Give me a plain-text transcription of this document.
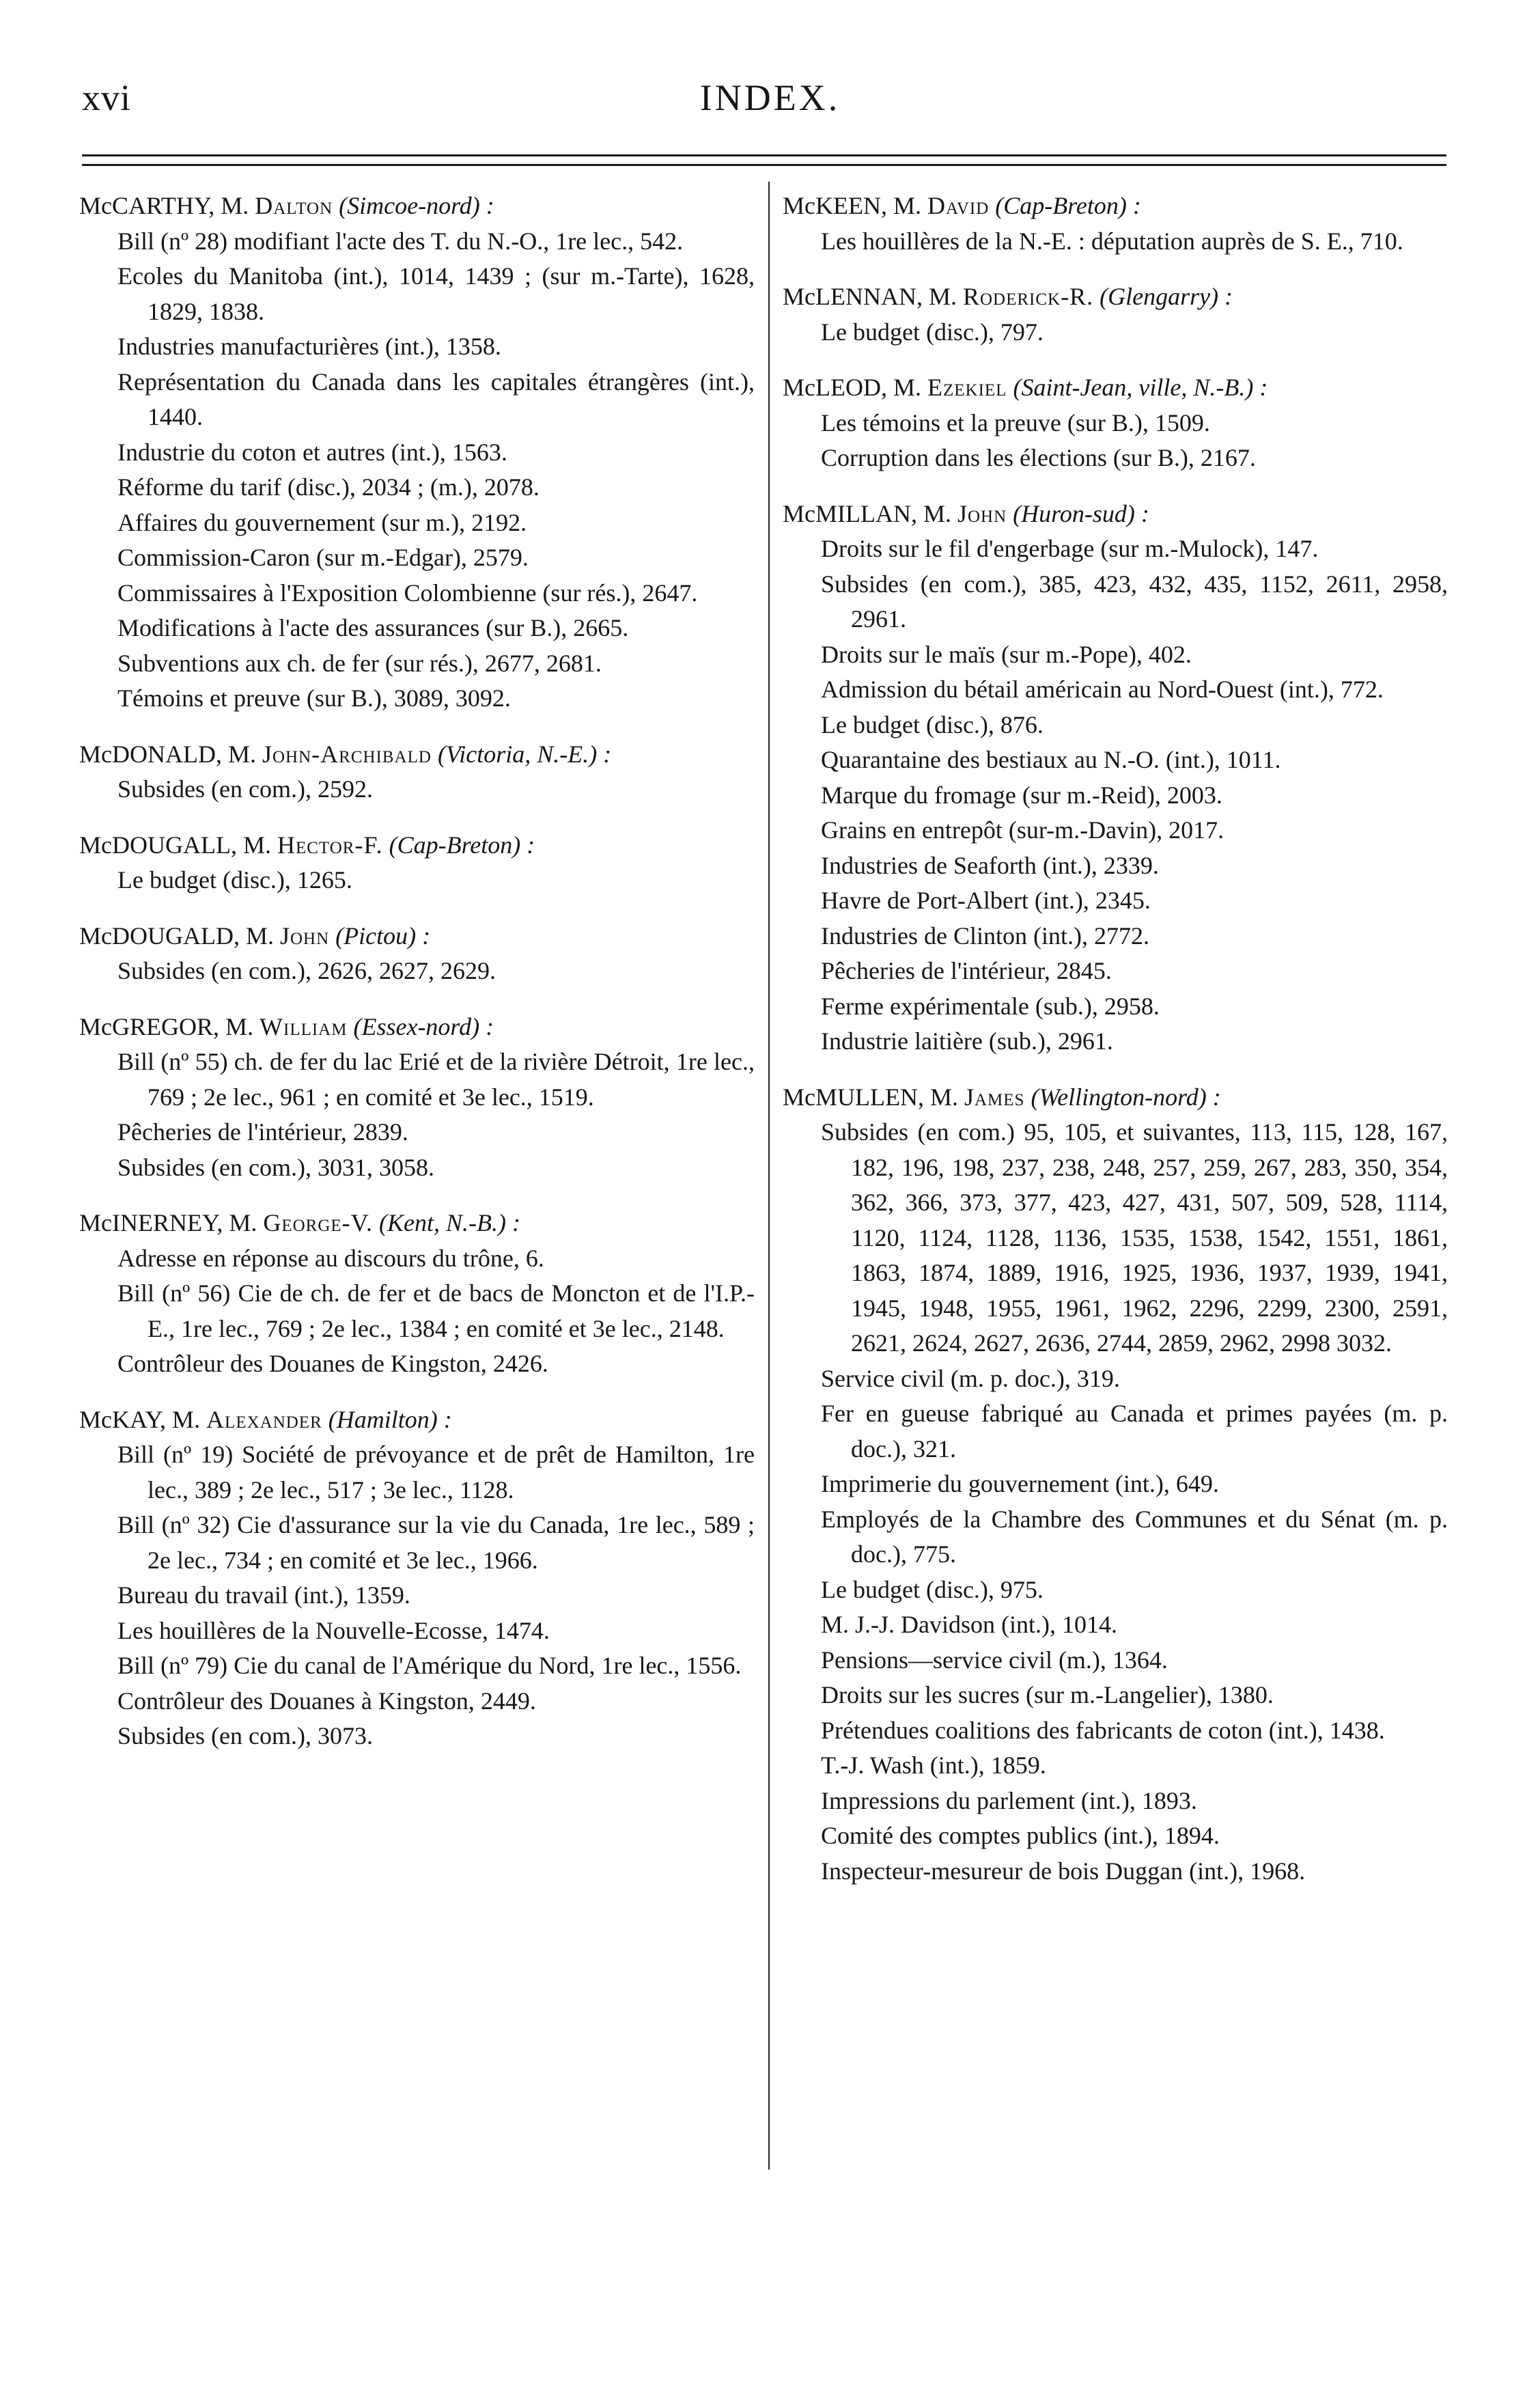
xvi	INDEX.
McCARTHY, M. Dalton (Simcoe-nord) :
Bill (nº 28) modifiant l'acte des T. du N.-O., 1re lec., 542.
Ecoles du Manitoba (int.), 1014, 1439 ; (sur m.-Tarte), 1628, 1829, 1838.
Industries manufacturières (int.), 1358.
Représentation du Canada dans les capitales étrangères (int.), 1440.
Industrie du coton et autres (int.), 1563.
Réforme du tarif (disc.), 2034 ; (m.), 2078.
Affaires du gouvernement (sur m.), 2192.
Commission-Caron (sur m.-Edgar), 2579.
Commissaires à l'Exposition Colombienne (sur rés.), 2647.
Modifications à l'acte des assurances (sur B.), 2665.
Subventions aux ch. de fer (sur rés.), 2677, 2681.
Témoins et preuve (sur B.), 3089, 3092.
McDONALD, M. John-Archibald (Victoria, N.-E.) :
Subsides (en com.), 2592.
McDOUGALL, M. Hector-F. (Cap-Breton) :
Le budget (disc.), 1265.
McDOUGALD, M. John (Pictou) :
Subsides (en com.), 2626, 2627, 2629.
McGREGOR, M. William (Essex-nord) :
Bill (nº 55) ch. de fer du lac Erié et de la rivière Détroit, 1re lec., 769 ; 2e lec., 961 ; en comité et 3e lec., 1519.
Pêcheries de l'intérieur, 2839.
Subsides (en com.), 3031, 3058.
McINERNEY, M. George-V. (Kent, N.-B.) :
Adresse en réponse au discours du trône, 6.
Bill (nº 56) Cie de ch. de fer et de bacs de Moncton et de l'I.P.-E., 1re lec., 769 ; 2e lec., 1384 ; en comité et 3e lec., 2148.
Contrôleur des Douanes de Kingston, 2426.
McKAY, M. Alexander (Hamilton) :
Bill (nº 19) Société de prévoyance et de prêt de Hamilton, 1re lec., 389 ; 2e lec., 517 ; 3e lec., 1128.
Bill (nº 32) Cie d'assurance sur la vie du Canada, 1re lec., 589 ; 2e lec., 734 ; en comité et 3e lec., 1966.
Bureau du travail (int.), 1359.
Les houillères de la Nouvelle-Ecosse, 1474.
Bill (nº 79) Cie du canal de l'Amérique du Nord, 1re lec., 1556.
Contrôleur des Douanes à Kingston, 2449.
Subsides (en com.), 3073.
McKEEN, M. David (Cap-Breton) :
Les houillères de la N.-E. : députation auprès de S. E., 710.
McLENNAN, M. Roderick-R. (Glengarry) :
Le budget (disc.), 797.
McLEOD, M. Ezekiel (Saint-Jean, ville, N.-B.) :
Les témoins et la preuve (sur B.), 1509.
Corruption dans les élections (sur B.), 2167.
McMILLAN, M. John (Huron-sud) :
Droits sur le fil d'engerbage (sur m.-Mulock), 147.
Subsides (en com.), 385, 423, 432, 435, 1152, 2611, 2958, 2961.
Droits sur le maïs (sur m.-Pope), 402.
Admission du bétail américain au Nord-Ouest (int.), 772.
Le budget (disc.), 876.
Quarantaine des bestiaux au N.-O. (int.), 1011.
Marque du fromage (sur m.-Reid), 2003.
Grains en entrepôt (sur-m.-Davin), 2017.
Industries de Seaforth (int.), 2339.
Havre de Port-Albert (int.), 2345.
Industries de Clinton (int.), 2772.
Pêcheries de l'intérieur, 2845.
Ferme expérimentale (sub.), 2958.
Industrie laitière (sub.), 2961.
McMULLEN, M. James (Wellington-nord) :
Subsides (en com.) 95, 105, et suivantes, 113, 115, 128, 167, 182, 196, 198, 237, 238, 248, 257, 259, 267, 283, 350, 354, 362, 366, 373, 377, 423, 427, 431, 507, 509, 528, 1114, 1120, 1124, 1128, 1136, 1535, 1538, 1542, 1551, 1861, 1863, 1874, 1889, 1916, 1925, 1936, 1937, 1939, 1941, 1945, 1948, 1955, 1961, 1962, 2296, 2299, 2300, 2591, 2621, 2624, 2627, 2636, 2744, 2859, 2962, 2998 3032.
Service civil (m. p. doc.), 319.
Fer en gueuse fabriqué au Canada et primes payées (m. p. doc.), 321.
Imprimerie du gouvernement (int.), 649.
Employés de la Chambre des Communes et du Sénat (m. p. doc.), 775.
Le budget (disc.), 975.
M. J.-J. Davidson (int.), 1014.
Pensions—service civil (m.), 1364.
Droits sur les sucres (sur m.-Langelier), 1380.
Prétendues coalitions des fabricants de coton (int.), 1438.
T.-J. Wash (int.), 1859.
Impressions du parlement (int.), 1893.
Comité des comptes publics (int.), 1894.
Inspecteur-mesureur de bois Duggan (int.), 1968.
